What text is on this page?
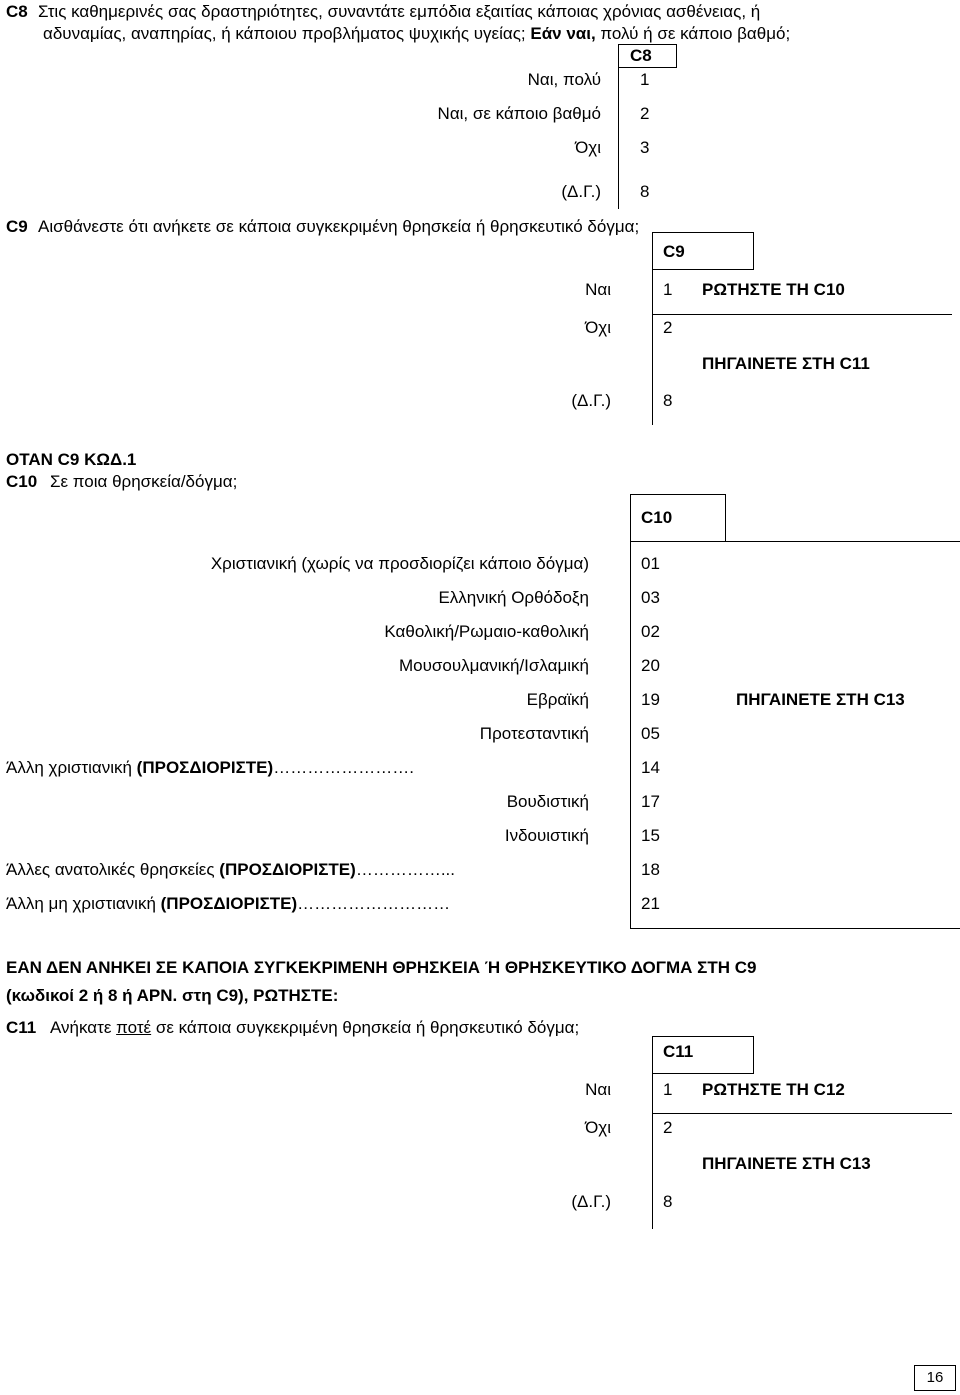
C8 Στις καθημερινές σας δραστηριότητες, συναντάτε εμπόδια εξαιτίας κάποιας χρόνιας ασθένειας, ή
αδυναμίας, αναπηρίας, ή κάποιου προβλήματος ψυχικής υγείας; Εάν ναι, πολύ ή σε κάποιο βαθμό;
C8
Ναι, πολύ 1
Ναι, σε κάποιο βαθμό 2
Όχι 3
(Δ.Γ.) 8
C9 Αισθάνεστε ότι ανήκετε σε κάποια συγκεκριμένη θρησκεία ή θρησκευτικό δόγμα;
C9
Ναι	1 ΡΩΤΗΣΤΕ ΤΗ C10
Όχι	2
ΠΗΓΑΙΝΕΤΕ ΣΤΗ C11
(Δ.Γ.)	8
ΟΤΑΝ C9 ΚΩΔ.1
C10 Σε ποια θρησκεία/δόγμα;
C10
Χριστιανική (χωρίς να προσδιορίζει κάποιο δόγμα)	01
Ελληνική Ορθόδοξη	03
Καθολική/Ρωμαιο-καθολική	02
Μουσουλμανική/Ισλαμική	20
Εβραϊκή	19	ΠΗΓΑΙΝΕΤΕ ΣΤΗ C13
Προτεσταντική	05
Άλλη χριστιανική (ΠΡΟΣΔΙΟΡΙΣΤΕ)…………………….	14
Βουδιστική	17
Ινδουιστική	15
Άλλες ανατολικές θρησκείες (ΠΡΟΣΔΙΟΡΙΣΤΕ)……………...	18
Άλλη μη χριστιανική (ΠΡΟΣΔΙΟΡΙΣΤΕ)………………………	21
ΕΑΝ ΔΕΝ ΑΝΗΚΕΙ ΣΕ ΚΑΠΟΙΑ ΣΥΓΚΕΚΡΙΜΕΝΗ ΘΡΗΣΚΕΙΑ Ή ΘΡΗΣΚΕΥΤΙΚΟ ΔΟΓΜΑ ΣΤΗ C9
(κωδικοί 2 ή 8 ή ΑΡΝ. στη C9), ΡΩΤΗΣΤΕ:
C11 Ανήκατε ποτέ σε κάποια συγκεκριμένη θρησκεία ή θρησκευτικό δόγμα;
C11
Ναι	1 ΡΩΤΗΣΤΕ ΤΗ C12
Όχι	2
ΠΗΓΑΙΝΕΤΕ ΣΤΗ C13
(Δ.Γ.)	8
16
